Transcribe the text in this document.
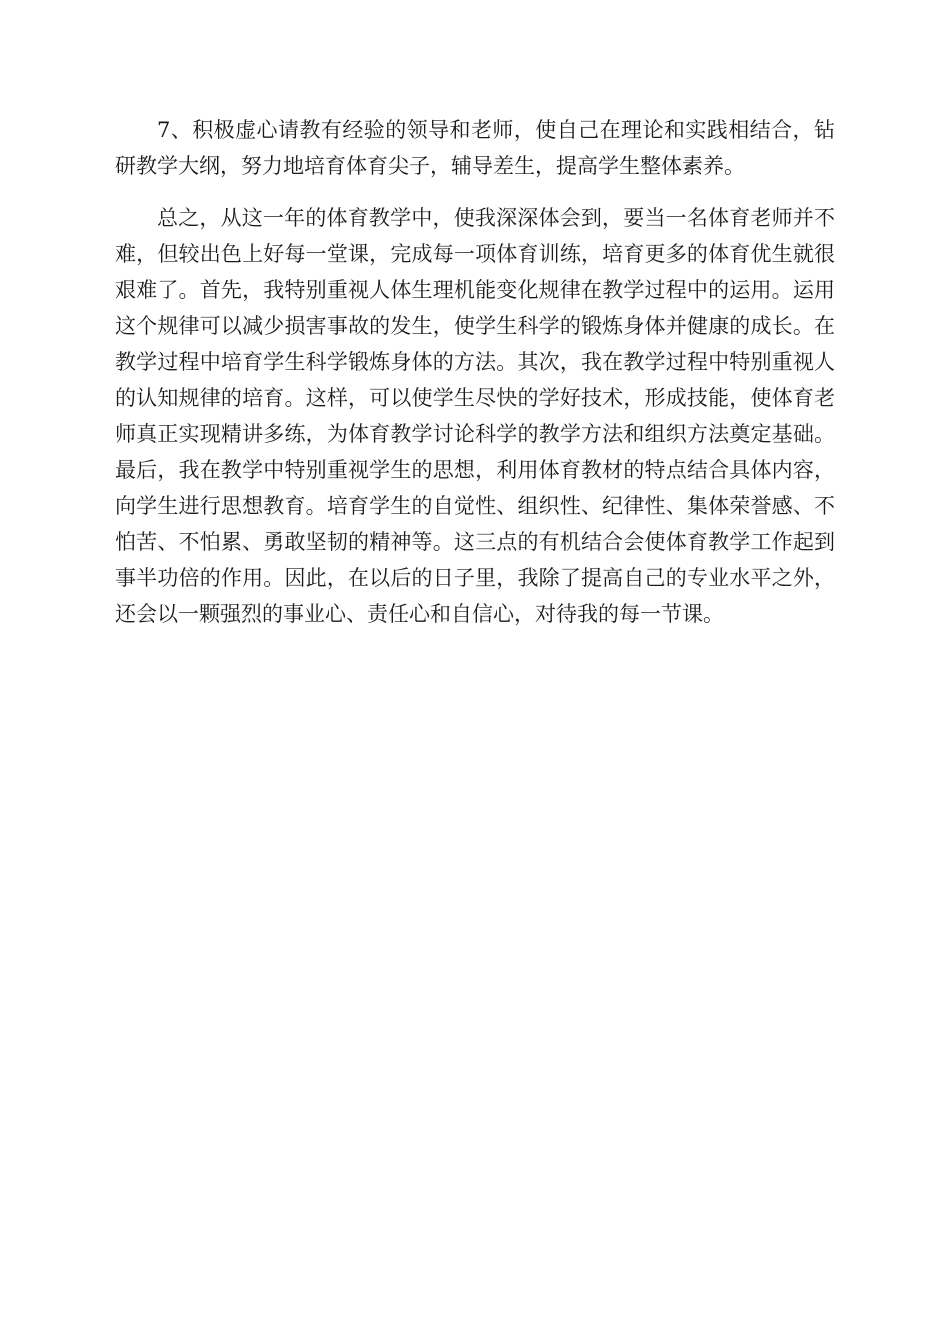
7、积极虚心请教有经验的领导和老师，使自己在理论和实践相结合，钻研教学大纲，努力地培育体育尖子，辅导差生，提高学生整体素养。

总之，从这一年的体育教学中，使我深深体会到，要当一名体育老师并不难，但较出色上好每一堂课，完成每一项体育训练，培育更多的体育优生就很艰难了。首先，我特别重视人体生理机能变化规律在教学过程中的运用。运用这个规律可以减少损害事故的发生，使学生科学的锻炼身体并健康的成长。在教学过程中培育学生科学锻炼身体的方法。其次，我在教学过程中特别重视人的认知规律的培育。这样，可以使学生尽快的学好技术，形成技能，使体育老师真正实现精讲多练，为体育教学讨论科学的教学方法和组织方法奠定基础。最后，我在教学中特别重视学生的思想，利用体育教材的特点结合具体内容，向学生进行思想教育。培育学生的自觉性、组织性、纪律性、集体荣誉感、不怕苦、不怕累、勇敢坚韧的精神等。这三点的有机结合会使体育教学工作起到事半功倍的作用。因此，在以后的日子里，我除了提高自己的专业水平之外，还会以一颗强烈的事业心、责任心和自信心，对待我的每一节课。
